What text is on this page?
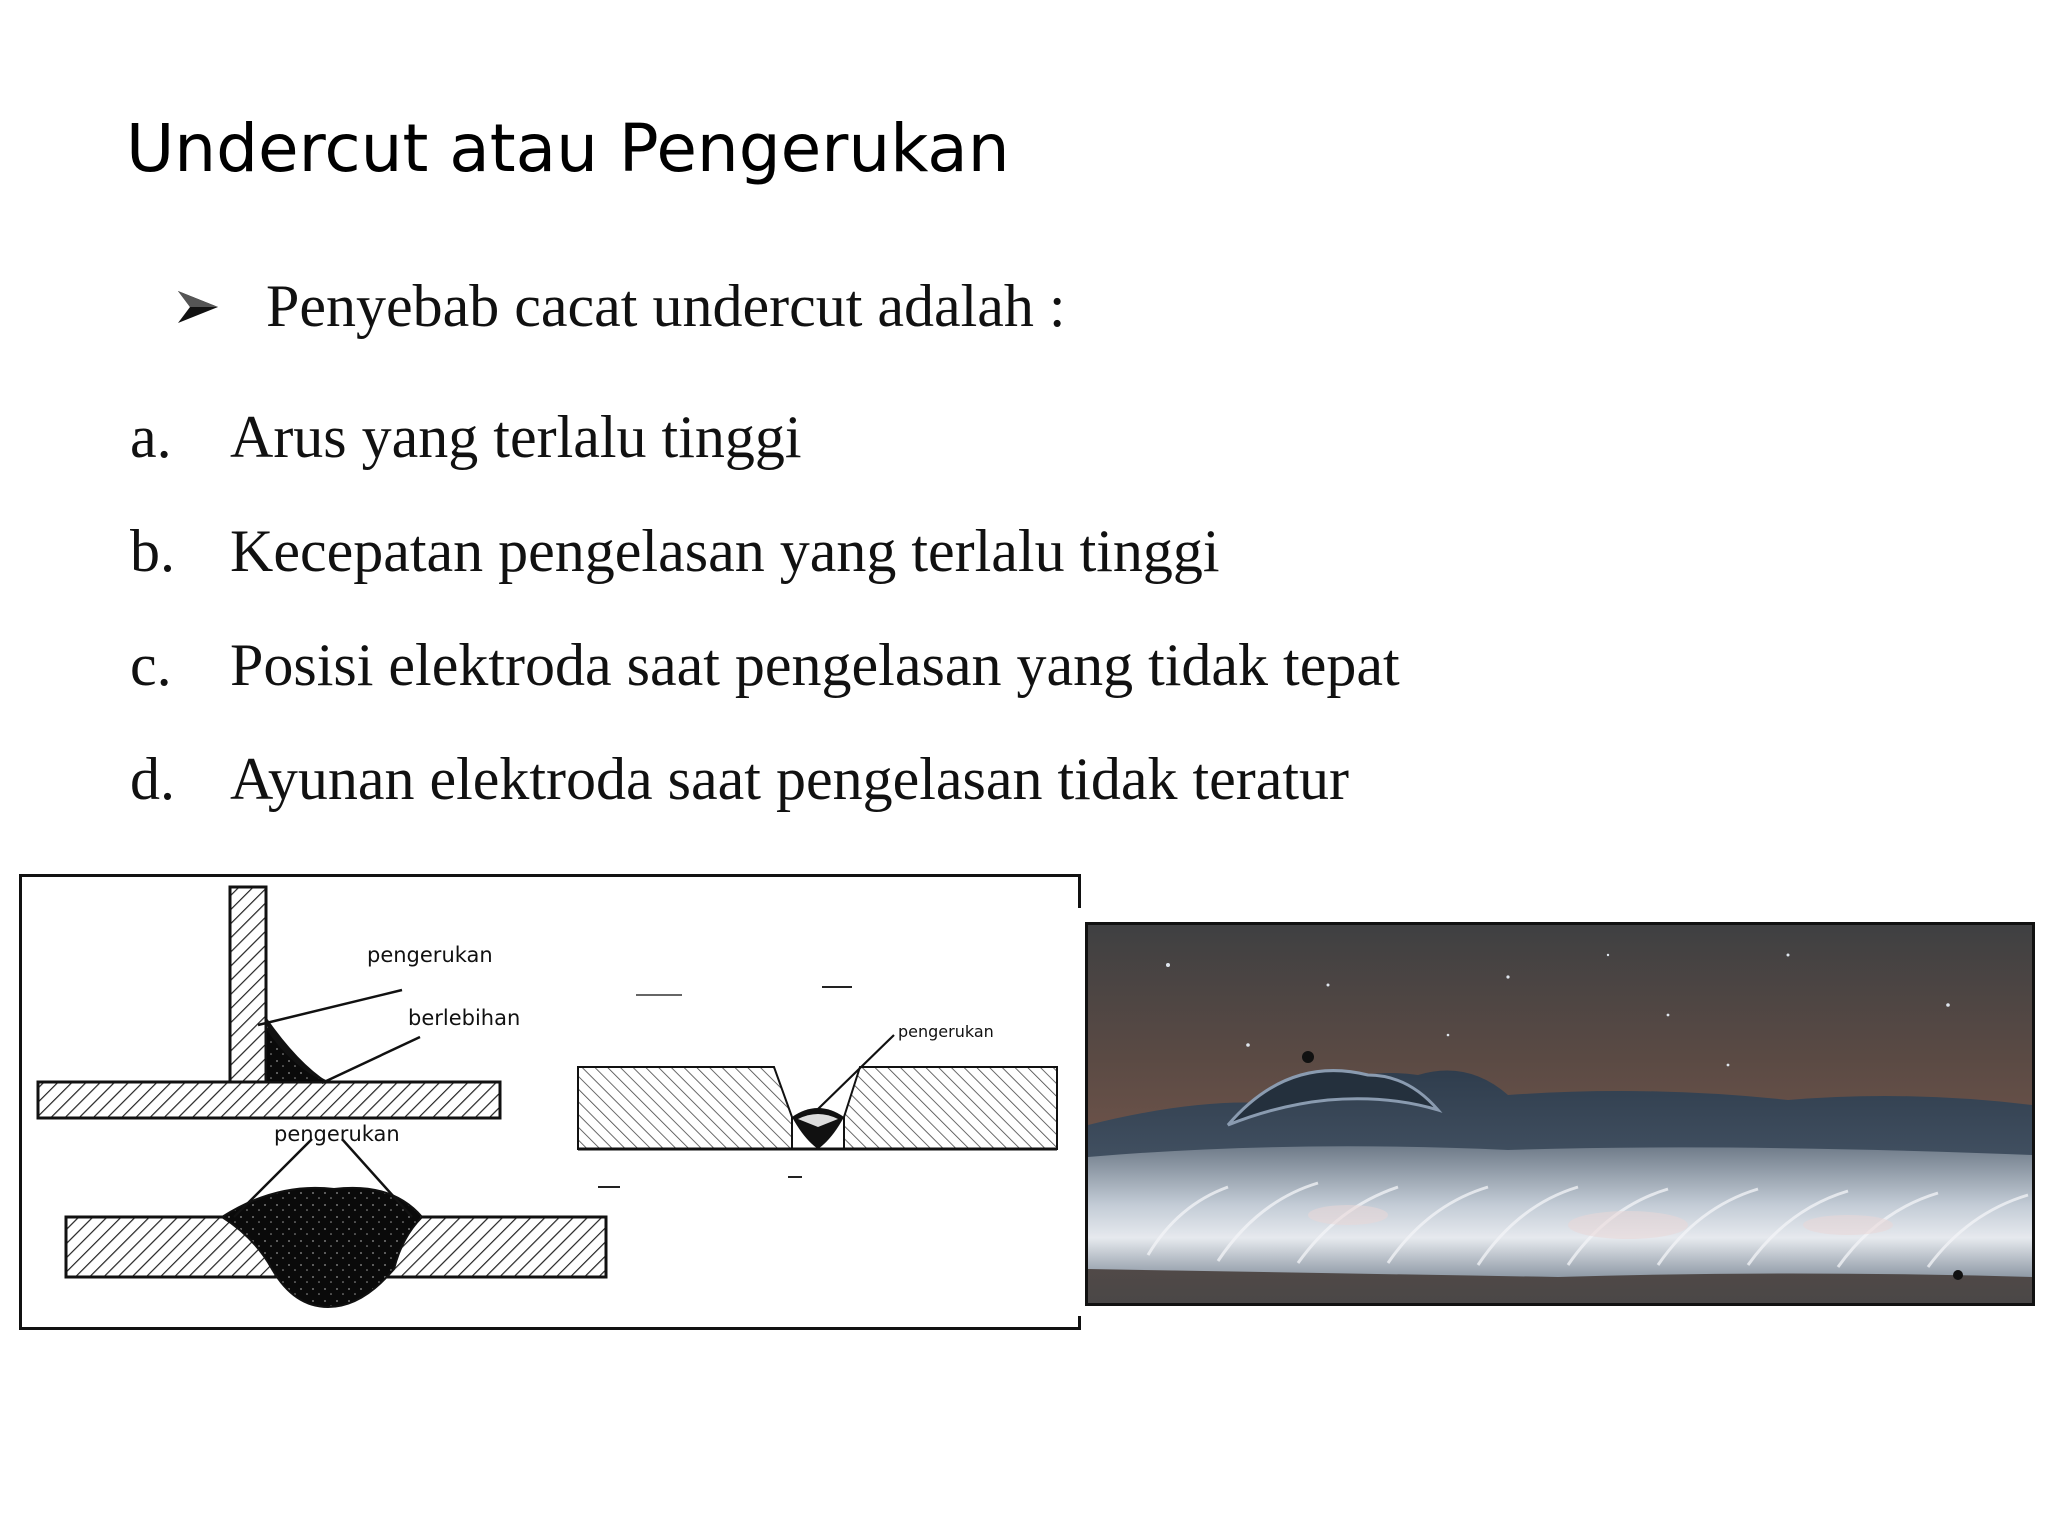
Undercut atau Pengerukan
Penyebab cacat undercut adalah :
a. Arus yang terlalu tinggi
b. Kecepatan pengelasan yang terlalu tinggi
c. Posisi elektroda saat pengelasan yang tidak tepat
d. Ayunan elektroda saat pengelasan tidak teratur
pengerukan
berlebihan
pengerukan
pengerukan
